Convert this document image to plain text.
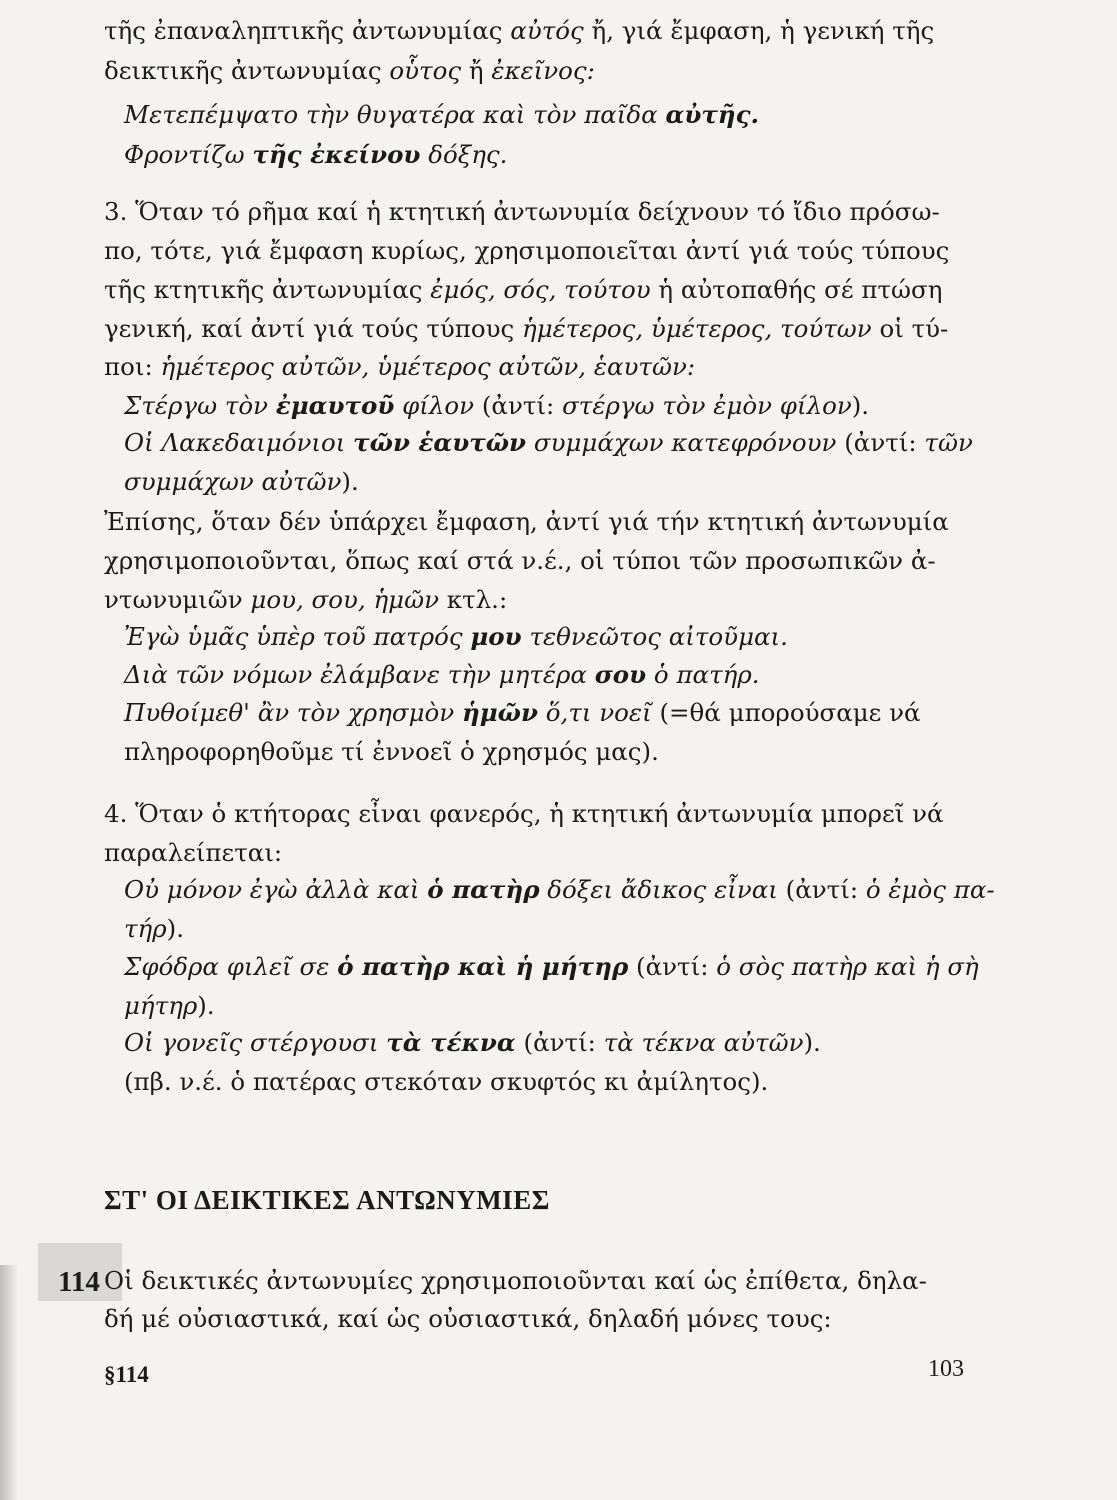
τῆς ἐπαναληπτικῆς ἀντωνυμίας αὐτός ἤ, γιά ἔμφαση, ἡ γενική τῆς
δεικτικῆς ἀντωνυμίας οὗτος ἤ ἐκεῖνος:
Μετεπέμψατο τὴν θυγατέρα καὶ τὸν παῖδα αὐτῆς.
Φροντίζω τῆς ἐκείνου δόξης.
3. Ὅταν τό ρῆμα καί ἡ κτητική ἀντωνυμία δείχνουν τό ἴδιο πρόσω-
πο, τότε, γιά ἔμφαση κυρίως, χρησιμοποιεῖται ἀντί γιά τούς τύπους
τῆς κτητικῆς ἀντωνυμίας ἐμός, σός, τούτου ἡ αὐτοπαθής σέ πτώση
γενική, καί ἀντί γιά τούς τύπους ἡμέτερος, ὑμέτερος, τούτων οἱ τύ-
ποι: ἡμέτερος αὐτῶν, ὑμέτερος αὐτῶν, ἑαυτῶν:
Στέργω τὸν ἐμαυτοῦ φίλον (ἀντί: στέργω τὸν ἐμὸν φίλον).
Οἱ Λακεδαιμόνιοι τῶν ἑαυτῶν συμμάχων κατεφρόνουν (ἀντί: τῶν
συμμάχων αὐτῶν).
Ἐπίσης, ὅταν δέν ὑπάρχει ἔμφαση, ἀντί γιά τήν κτητική ἀντωνυμία
χρησιμοποιοῦνται, ὅπως καί στά ν.έ., οἱ τύποι τῶν προσωπικῶν ἀ-
ντωνυμιῶν μου, σου, ἡμῶν κτλ.:
Ἐγὼ ὑμᾶς ὑπὲρ τοῦ πατρός μου τεθνεῶτος αἰτοῦμαι.
Διὰ τῶν νόμων ἐλάμβανε τὴν μητέρα σου ὁ πατήρ.
Πυθοίμεθ' ἂν τὸν χρησμὸν ἡμῶν ὅ,τι νοεῖ (=θά μπορούσαμε νά
πληροφορηθοῦμε τί ἐννοεῖ ὁ χρησμός μας).
4. Ὅταν ὁ κτήτορας εἶναι φανερός, ἡ κτητική ἀντωνυμία μπορεῖ νά
παραλείπεται:
Οὐ μόνον ἐγὼ ἀλλὰ καὶ ὁ πατὴρ δόξει ἄδικος εἶναι (ἀντί: ὁ ἐμὸς πα-
τήρ).
Σφόδρα φιλεῖ σε ὁ πατὴρ καὶ ἡ μήτηρ (ἀντί: ὁ σὸς πατὴρ καὶ ἡ σὴ
μήτηρ).
Οἱ γονεῖς στέργουσι τὰ τέκνα (ἀντί: τὰ τέκνα αὐτῶν).
(πβ. ν.έ. ὁ πατέρας στεκόταν σκυφτός κι ἀμίλητος).
Οἱ δεικτικές ἀντωνυμίες χρησιμοποιοῦνται καί ὡς ἐπίθετα, δηλα-
δή μέ οὐσιαστικά, καί ὡς οὐσιαστικά, δηλαδή μόνες τους:
ΣΤ' ΟΙ ΔΕΙΚΤΙΚΕΣ ΑΝΤΩΝΥΜΙΕΣ
114
§114	103
